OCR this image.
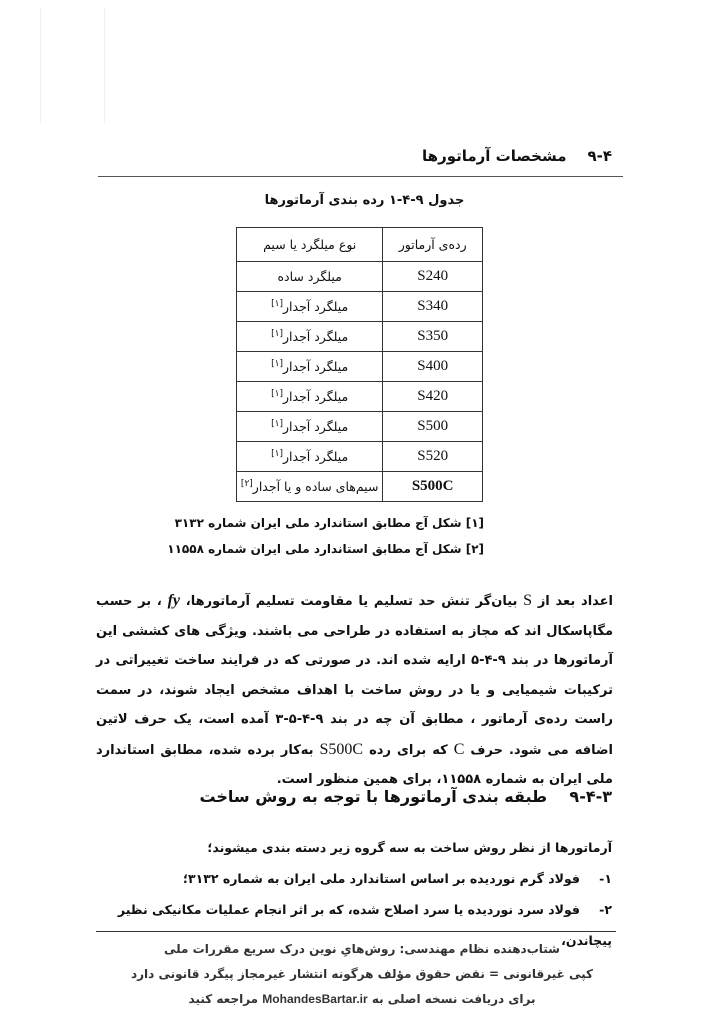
۹-۴    مشخصات آرماتورها
جدول ۹-۴-۱ رده بندی آرماتورها
رده‌ی آرماتور	نوع میلگرد یا سیم
S240	میلگرد ساده
S340	میلگرد آجدار[۱]
S350	میلگرد آجدار[۱]
S400	میلگرد آجدار[۱]
S420	میلگرد آجدار[۱]
S500	میلگرد آجدار[۱]
S520	میلگرد آجدار[۱]
S500C	سیم‌های ساده و یا آجدار[۲]
[۱] شکل آج مطابق استاندارد ملی ایران شماره ۳۱۳۲
[۲] شکل آج مطابق استاندارد ملی ایران شماره ۱۱۵۵۸

اعداد بعد از S بیان‌گر تنش حد تسلیم یا مقاومت تسلیم آرماتورها، fy ، بر حسب مگاپاسکال اند که مجاز به استفاده در طراحی می باشند. ویژگی های کششی این آرماتورها در بند ۹-۴-۵ ارایه شده اند. در صورتی که در فرایند ساخت تغییراتی در ترکیبات شیمیایی و یا در روش ساخت با اهداف مشخص ایجاد شوند، در سمت راست رده‌ی آرماتور ، مطابق آن چه در بند ۹-۴-۵-۳ آمده است، یک حرف لاتین اضافه می شود. حرف C که برای رده S500C به‌کار برده شده، مطابق استاندارد ملی ایران به شماره ۱۱۵۵۸، برای همین منظور است.

۹-۴-۳    طبقه بندی آرماتورها با توجه به روش ساخت
آرماتورها از نظر روش ساخت به سه گروه زیر دسته بندی میشوند؛
۱-فولاد گرم نوردیده بر اساس استاندارد ملی ایران به شماره ۳۱۳۲؛
۲-فولاد سرد نوردیده یا سرد اصلاح شده، که بر اثر انجام عملیات مکانیکی نظیر پیچاندن،
شتاب‌دهنده نظام مهندسی: روش‌هایِ نوین درک سریع مقررات ملی
کپی غیرقانونی = نقض حقوق مؤلف هرگونه انتشار غیرمجاز پیگرد قانونی دارد
برای دریافت نسخه اصلی به MohandesBartar.ir مراجعه کنید
